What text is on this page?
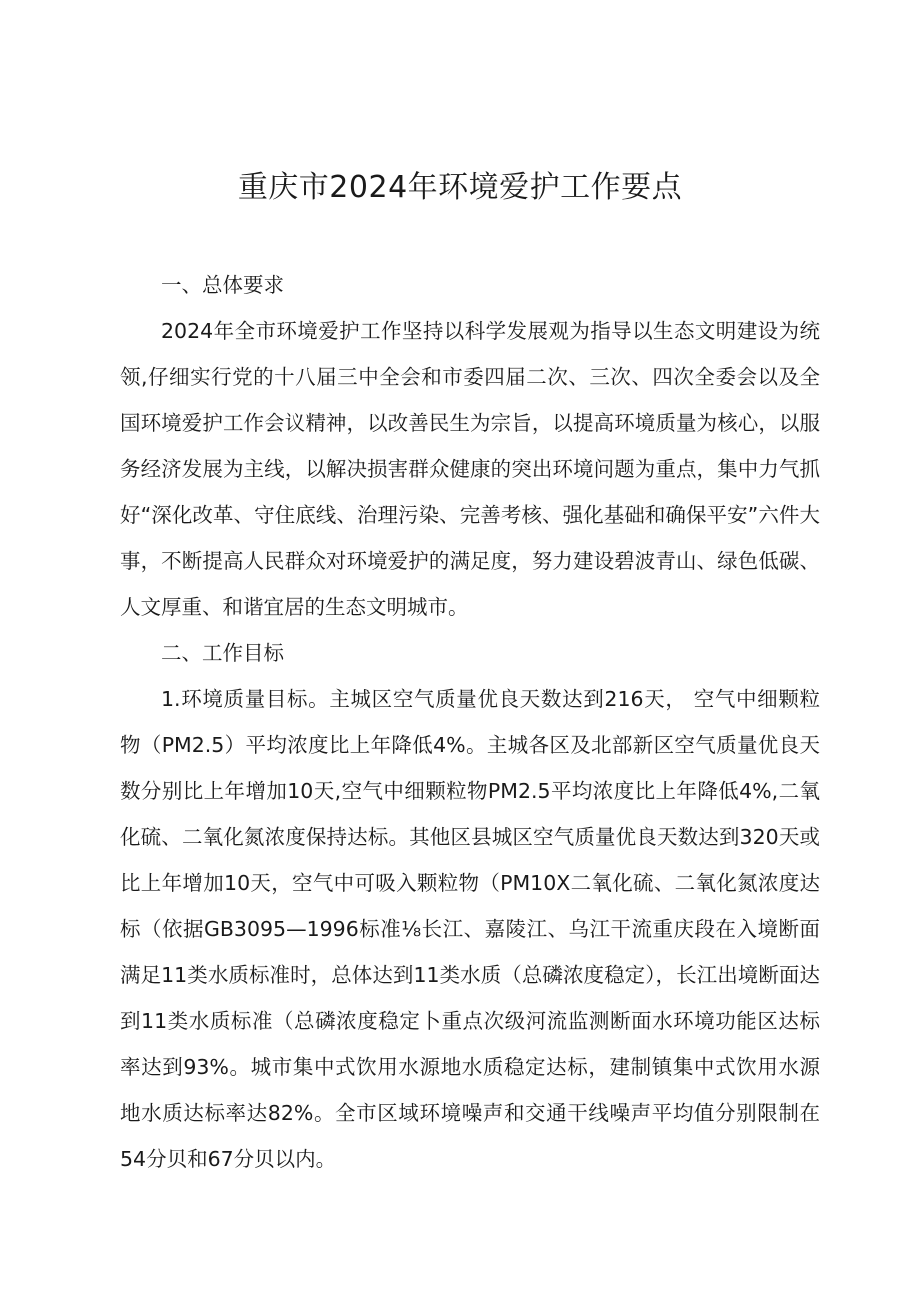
重庆市2024年环境爱护工作要点

一、总体要求

2024年全市环境爱护工作坚持以科学发展观为指导以生态文明建设为统领,仔细实行党的十八届三中全会和市委四届二次、三次、四次全委会以及全国环境爱护工作会议精神，以改善民生为宗旨，以提高环境质量为核心，以服务经济发展为主线，以解决损害群众健康的突出环境问题为重点，集中力气抓好“深化改革、守住底线、治理污染、完善考核、强化基础和确保平安”六件大事，不断提高人民群众对环境爱护的满足度，努力建设碧波青山、绿色低碳、人文厚重、和谐宜居的生态文明城市。

二、工作目标

1.环境质量目标。主城区空气质量优良天数达到216天， 空气中细颗粒物（PM2.5）平均浓度比上年降低4%。主城各区及北部新区空气质量优良天数分别比上年增加10天,空气中细颗粒物PM2.5平均浓度比上年降低4%,二氧化硫、二氧化氮浓度保持达标。其他区县城区空气质量优良天数达到320天或比上年增加10天，空气中可吸入颗粒物（PM10X二氧化硫、二氧化氮浓度达标（依据GB3095—1996标准⅛长江、嘉陵江、乌江干流重庆段在入境断面满足11类水质标准时，总体达到11类水质（总磷浓度稳定），长江出境断面达到11类水质标准（总磷浓度稳定卜重点次级河流监测断面水环境功能区达标率达到93%。城市集中式饮用水源地水质稳定达标，建制镇集中式饮用水源地水质达标率达82%。全市区域环境噪声和交通干线噪声平均值分别限制在54分贝和67分贝以内。
